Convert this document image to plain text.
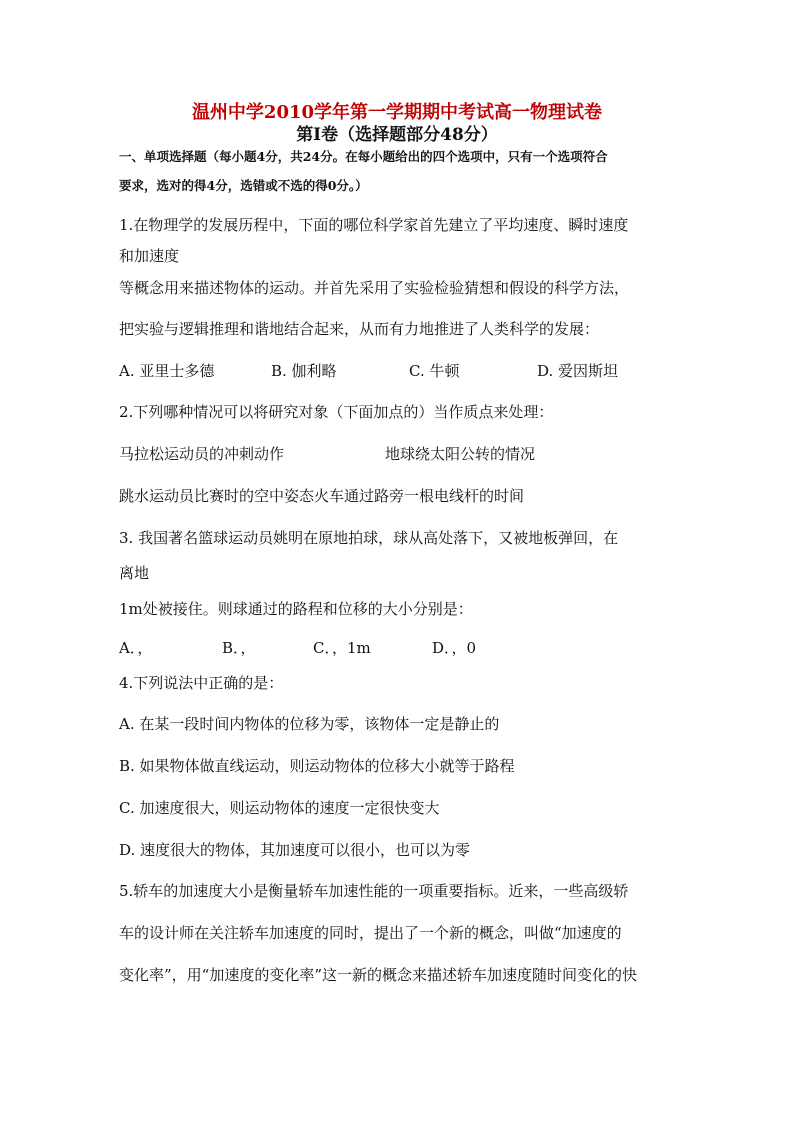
温州中学2010学年第一学期期中考试高一物理试卷
第Ⅰ卷（选择题部分48分）
一、单项选择题（每小题4分，共24分。在每小题给出的四个选项中，只有一个选项符合
要求，选对的得4分，选错或不选的得0分。）
1.在物理学的发展历程中，下面的哪位科学家首先建立了平均速度、瞬时速度
和加速度
等概念用来描述物体的运动。并首先采用了实验检验猜想和假设的科学方法，
把实验与逻辑推理和谐地结合起来，从而有力地推进了人类科学的发展：
A. 亚里士多德	B. 伽利略	C. 牛顿	D. 爱因斯坦
2.下列哪种情况可以将研究对象（下面加点的）当作质点来处理：
马拉松运动员的冲刺动作	地球绕太阳公转的情况
跳水运动员比赛时的空中姿态火车通过路旁一根电线杆的时间
3. 我国著名篮球运动员姚明在原地拍球，球从高处落下，又被地板弹回，在
离地
1m处被接住。则球通过的路程和位移的大小分别是：
A．，	B．，	C．，1m	D．，0
4.下列说法中正确的是：
A. 在某一段时间内物体的位移为零，该物体一定是静止的
B. 如果物体做直线运动，则运动物体的位移大小就等于路程
C. 加速度很大，则运动物体的速度一定很快变大
D. 速度很大的物体，其加速度可以很小，也可以为零
5.轿车的加速度大小是衡量轿车加速性能的一项重要指标。近来，一些高级轿
车的设计师在关注轿车加速度的同时，提出了一个新的概念，叫做“加速度的
变化率”，用“加速度的变化率”这一新的概念来描述轿车加速度随时间变化的快
